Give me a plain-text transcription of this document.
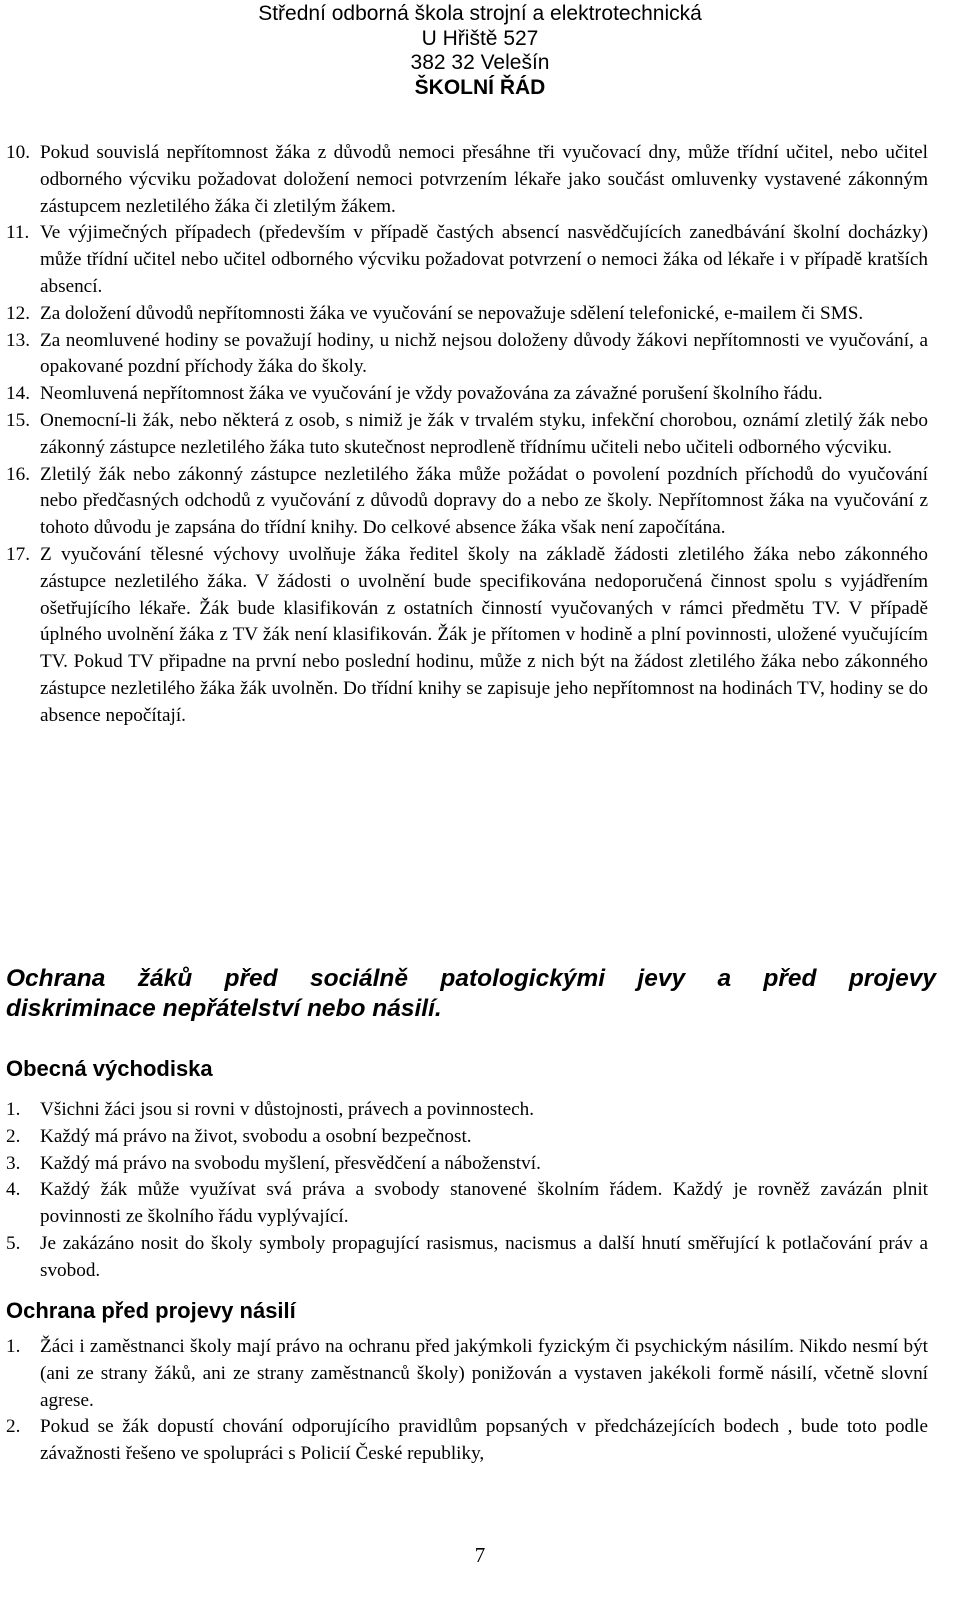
Střední odborná škola strojní a elektrotechnická
U Hřiště 527
382 32 Velešín
ŠKOLNÍ ŘÁD
10. Pokud souvislá nepřítomnost žáka z důvodů nemoci přesáhne tři vyučovací dny, může třídní učitel, nebo učitel odborného výcviku požadovat doložení nemoci potvrzením lékaře jako součást omluvenky vystavené zákonným zástupcem nezletilého žáka či zletilým žákem.
11. Ve výjimečných případech (především v případě častých absencí nasvědčujících zanedbávání školní docházky) může třídní učitel nebo učitel odborného výcviku požadovat potvrzení o nemoci žáka od lékaře i v případě kratších absencí.
12. Za doložení důvodů nepřítomnosti žáka ve vyučování se nepovažuje sdělení telefonické, e-mailem či SMS.
13. Za neomluvené hodiny se považují hodiny, u nichž nejsou doloženy důvody žákovi nepřítomnosti ve vyučování, a opakované pozdní příchody žáka do školy.
14. Neomluvená nepřítomnost žáka ve vyučování je vždy považována za závažné porušení školního řádu.
15. Onemocní-li žák, nebo některá z osob, s nimiž je žák v trvalém styku, infekční chorobou, oznámí zletilý žák nebo zákonný zástupce nezletilého žáka tuto skutečnost neprodleně třídnímu učiteli nebo učiteli odborného výcviku.
16. Zletilý žák nebo zákonný zástupce nezletilého žáka může požádat o povolení pozdních příchodů do vyučování nebo předčasných odchodů z vyučování z důvodů dopravy do a nebo ze školy. Nepřítomnost žáka na vyučování z tohoto důvodu je zapsána do třídní knihy. Do celkové absence žáka však není započítána.
17. Z vyučování tělesné výchovy uvolňuje žáka ředitel školy na základě žádosti zletilého žáka nebo zákonného zástupce nezletilého žáka. V žádosti o uvolnění bude specifikována nedoporučená činnost spolu s vyjádřením ošetřujícího lékaře. Žák bude klasifikován z ostatních činností vyučovaných v rámci předmětu TV. V případě úplného uvolnění žáka z TV žák není klasifikován. Žák je přítomen v hodině a plní povinnosti, uložené vyučujícím TV. Pokud TV připadne na první nebo poslední hodinu, může z nich být na žádost zletilého žáka nebo zákonného zástupce nezletilého žáka žák uvolněn. Do třídní knihy se zapisuje jeho nepřítomnost na hodinách TV, hodiny se do absence nepočítají.
Ochrana žáků před sociálně patologickými jevy a před projevy
diskriminace nepřátelství nebo násilí.
Obecná východiska
1. Všichni žáci jsou si rovni v důstojnosti, právech a povinnostech.
2. Každý má právo na život, svobodu a osobní bezpečnost.
3. Každý má právo na svobodu myšlení, přesvědčení a náboženství.
4. Každý žák může využívat svá práva a svobody stanovené školním řádem. Každý je rovněž zavázán plnit povinnosti ze školního řádu vyplývající.
5. Je zakázáno nosit do školy symboly propagující rasismus, nacismus a další hnutí směřující k potlačování práv a svobod.
Ochrana před projevy násilí
1. Žáci i zaměstnanci školy mají právo na ochranu před jakýmkoli fyzickým či psychickým násilím. Nikdo nesmí být (ani ze strany žáků, ani ze strany zaměstnanců školy) ponižován a vystaven jakékoli formě násilí, včetně slovní agrese.
2. Pokud se žák dopustí chování odporujícího pravidlům popsaných v předcházejících bodech , bude toto podle závažnosti řešeno ve spolupráci s Policií České republiky,
7
